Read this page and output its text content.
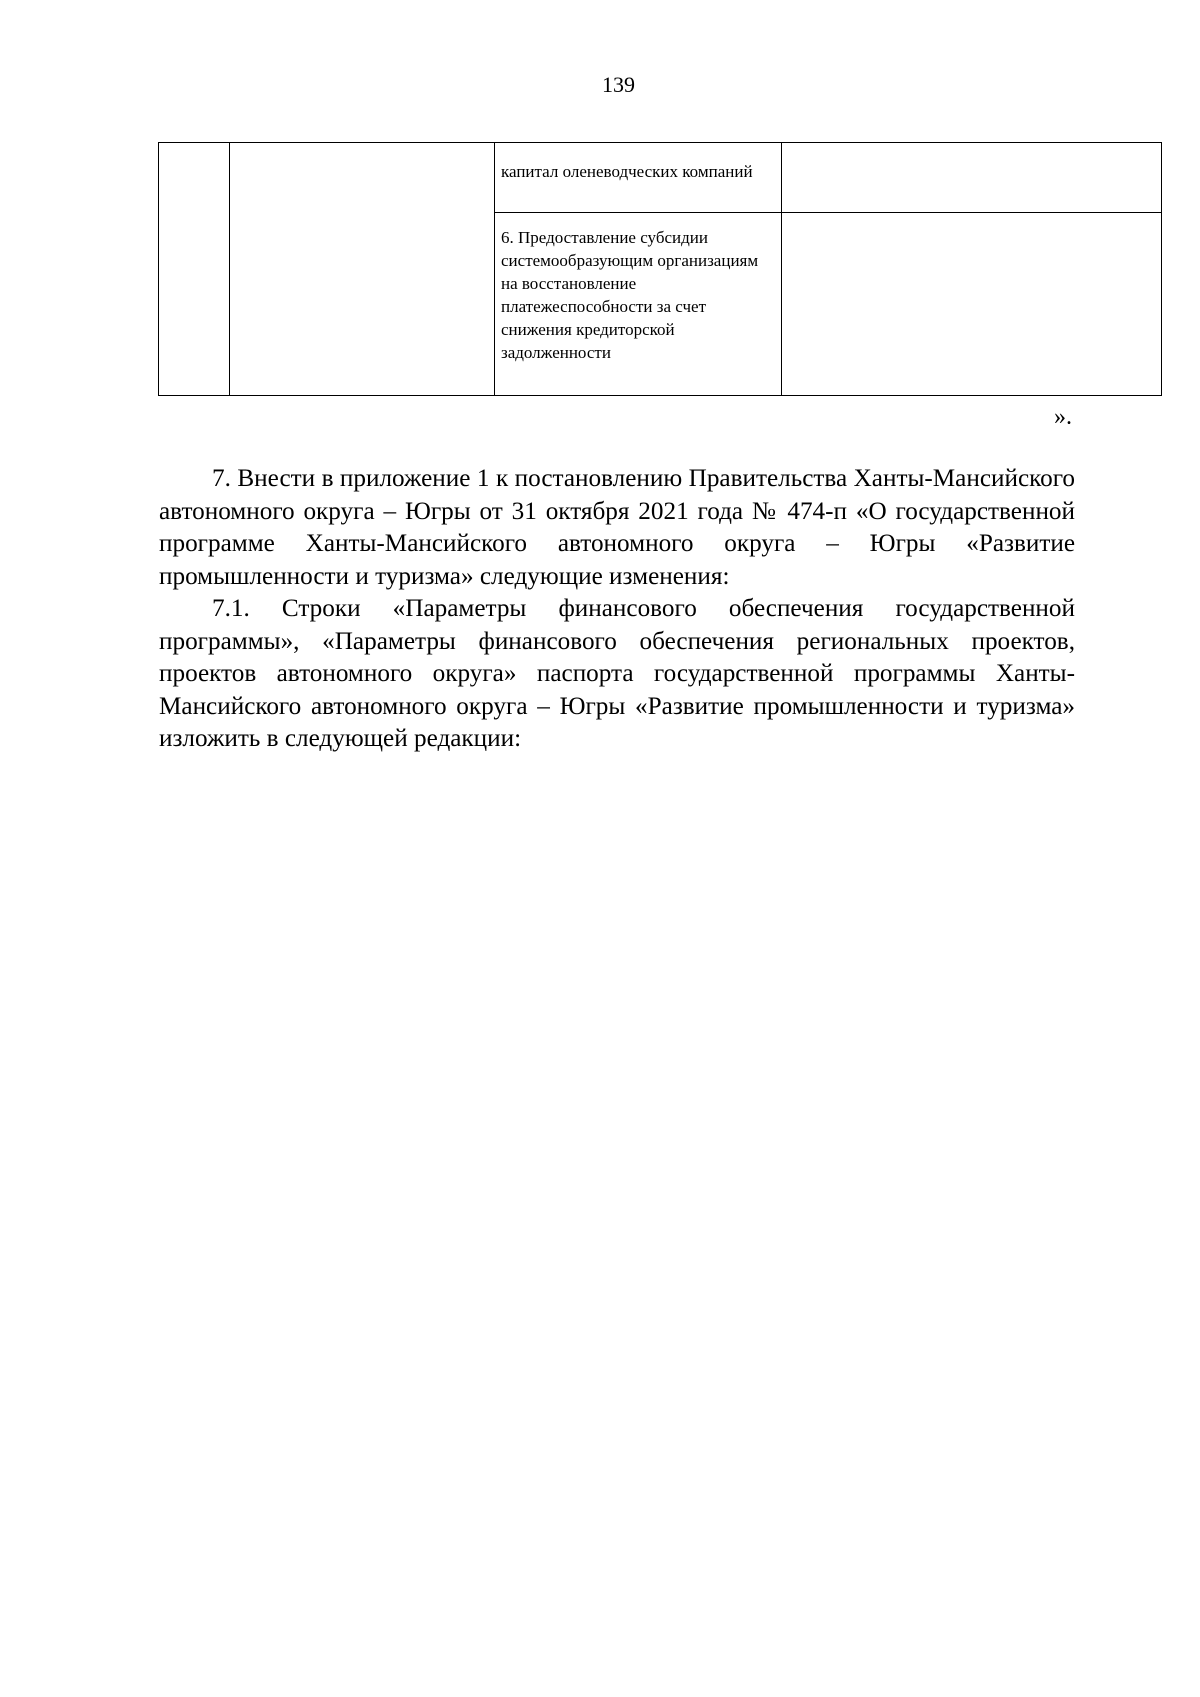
139

		капитал оленеводческих компаний	

		6. Предоставление субсидии системообразующим организациям на восстановление платежеспособности за счет снижения кредиторской задолженности	

».

7. Внести в приложение 1 к постановлению Правительства Ханты-Мансийского автономного округа – Югры от 31 октября 2021 года № 474-п «О государственной программе Ханты-Мансийского автономного округа – Югры «Развитие промышленности и туризма» следующие изменения:

7.1. Строки «Параметры финансового обеспечения государственной программы», «Параметры финансового обеспечения региональных проектов, проектов автономного округа» паспорта государственной программы Ханты-Мансийского автономного округа – Югры «Развитие промышленности и туризма» изложить в следующей редакции:
